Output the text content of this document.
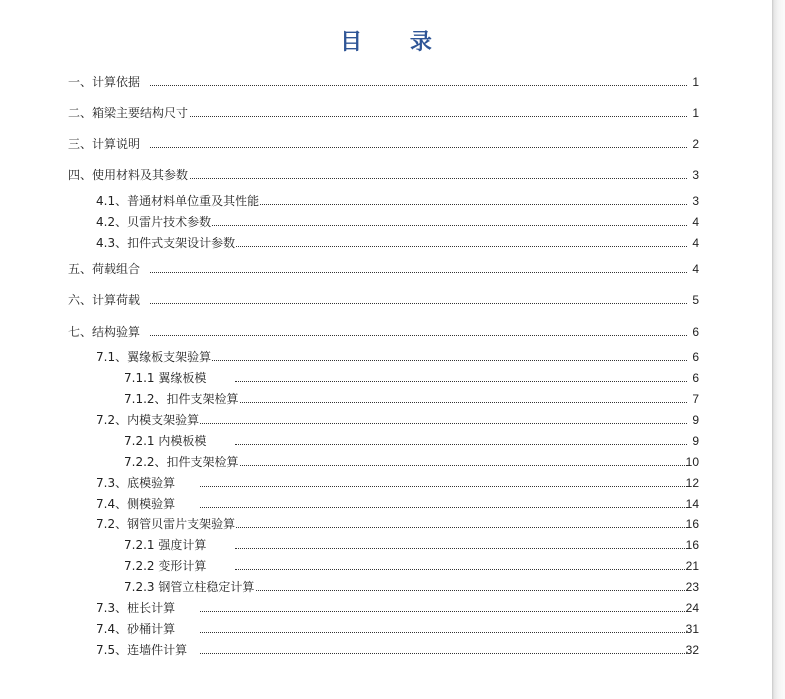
目 录
一、计算依据	1
二、箱梁主要结构尺寸	1
三、计算说明	2
四、使用材料及其参数	3
4.1、普通材料单位重及其性能	3
4.2、贝雷片技术参数	4
4.3、扣件式支架设计参数	4
五、荷载组合	4
六、计算荷载	5
七、结构验算	6
7.1、翼缘板支架验算	6
7.1.1 翼缘板模	6
7.1.2、扣件支架检算	7
7.2、内模支架验算	9
7.2.1 内模板模	9
7.2.2、扣件支架检算	10
7.3、底模验算	12
7.4、侧模验算	14
7.2、钢管贝雷片支架验算	16
7.2.1 强度计算	16
7.2.2 变形计算	21
7.2.3 钢管立柱稳定计算	23
7.3、桩长计算	24
7.4、砂桶计算	31
7.5、连墙件计算	32
